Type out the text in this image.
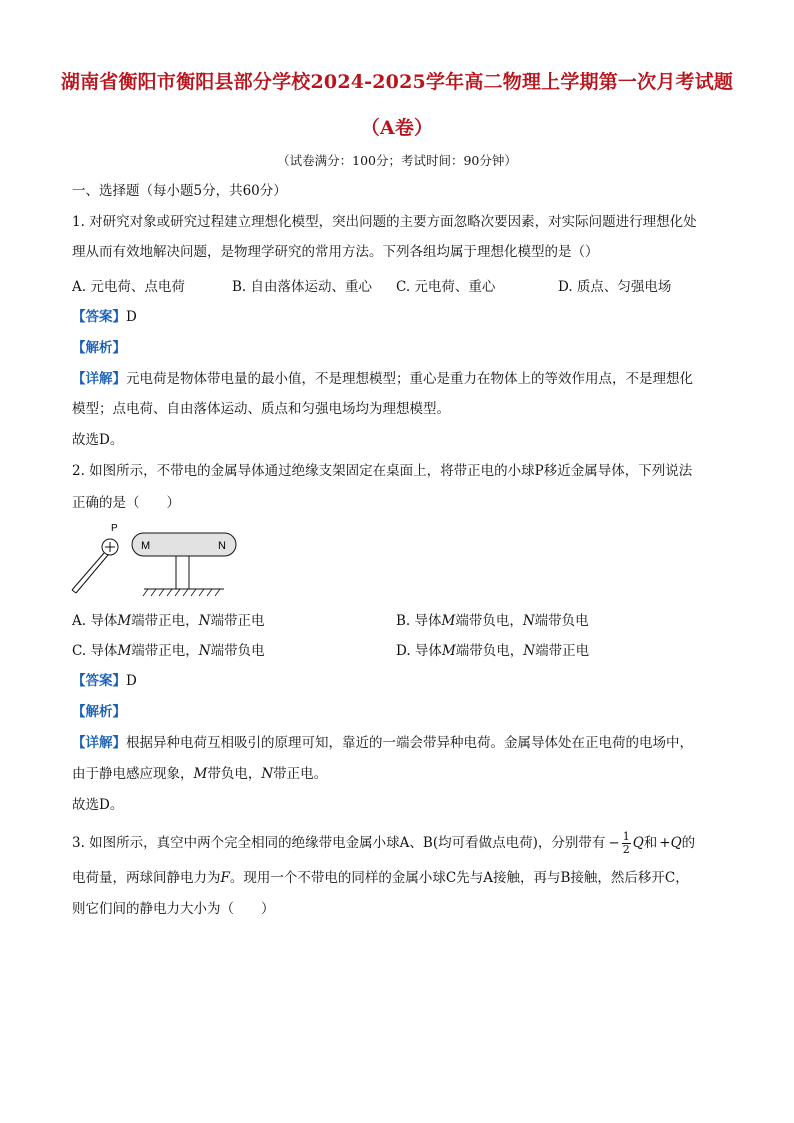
湖南省衡阳市衡阳县部分学校2024-2025学年高二物理上学期第一次月考试题
（A卷）
（试卷满分：100分；考试时间：90分钟）
一、选择题（每小题5分，共60分）
1. 对研究对象或研究过程建立理想化模型，突出问题的主要方面忽略次要因素，对实际问题进行理想化处
理从而有效地解决问题，是物理学研究的常用方法。下列各组均属于理想化模型的是（）
A. 元电荷、点电荷	B. 自由落体运动、重心 C. 元电荷、重心	D. 质点、匀强电场
【答案】D
【解析】
【详解】元电荷是物体带电量的最小值，不是理想模型；重心是重力在物体上的等效作用点，不是理想化
模型；点电荷、自由落体运动、质点和匀强电场均为理想模型。
故选D。
2. 如图所示，不带电的金属导体通过绝缘支架固定在桌面上，将带正电的小球P移近金属导体，下列说法
正确的是（　　）
P
M	N
A. 导体M端带正电，N端带正电	B. 导体M端带负电，N端带负电
C. 导体M端带正电，N端带负电	D. 导体M端带负电，N端带正电
【答案】D
【解析】
【详解】根据异种电荷互相吸引的原理可知，靠近的一端会带异种电荷。金属导体处在正电荷的电场中，
由于静电感应现象，M带负电，N带正电。
故选D。
3. 如图所示，真空中两个完全相同的绝缘带电金属小球A、B(均可看做点电荷)，分别带有 − $\frac{1}{2}$ Q和 +Q的
电荷量，两球间静电力为F。现用一个不带电的同样的金属小球C先与A接触，再与B接触，然后移开C，
则它们间的静电力大小为（　　）
